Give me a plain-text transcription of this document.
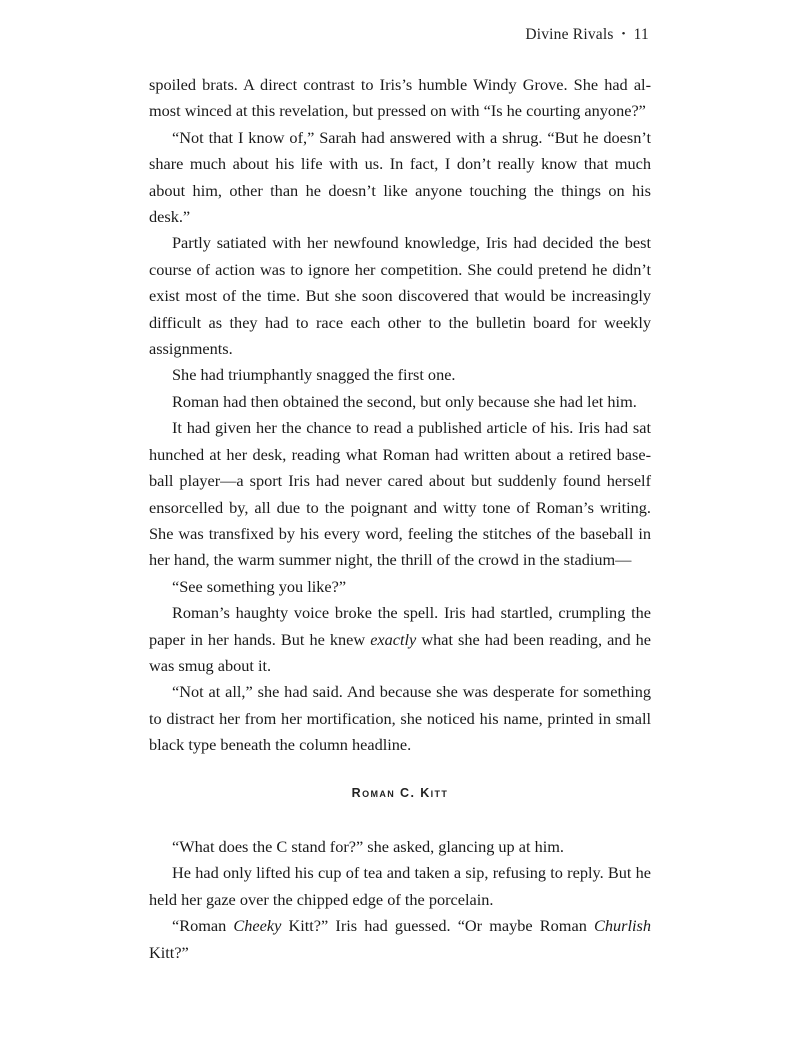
Divine Rivals • 11

spoiled brats. A direct contrast to Iris’s humble Windy Grove. She had al-most winced at this revelation, but pressed on with “Is he courting anyone?”

“Not that I know of,” Sarah had answered with a shrug. “But he doesn’t share much about his life with us. In fact, I don’t really know that much about him, other than he doesn’t like anyone touching the things on his desk.”

Partly satiated with her newfound knowledge, Iris had decided the best course of action was to ignore her competition. She could pretend he didn’t exist most of the time. But she soon discovered that would be increasingly difficult as they had to race each other to the bulletin board for weekly assignments.

She had triumphantly snagged the first one.

Roman had then obtained the second, but only because she had let him.

It had given her the chance to read a published article of his. Iris had sat hunched at her desk, reading what Roman had written about a retired base-ball player—a sport Iris had never cared about but suddenly found herself ensorcelled by, all due to the poignant and witty tone of Roman’s writing. She was transfixed by his every word, feeling the stitches of the baseball in her hand, the warm summer night, the thrill of the crowd in the stadium—

“See something you like?”

Roman’s haughty voice broke the spell. Iris had startled, crumpling the paper in her hands. But he knew exactly what she had been reading, and he was smug about it.

“Not at all,” she had said. And because she was desperate for something to distract her from her mortification, she noticed his name, printed in small black type beneath the column headline.

Roman C. Kitt

“What does the C stand for?” she asked, glancing up at him.

He had only lifted his cup of tea and taken a sip, refusing to reply. But he held her gaze over the chipped edge of the porcelain.

“Roman Cheeky Kitt?” Iris had guessed. “Or maybe Roman Churlish Kitt?”
